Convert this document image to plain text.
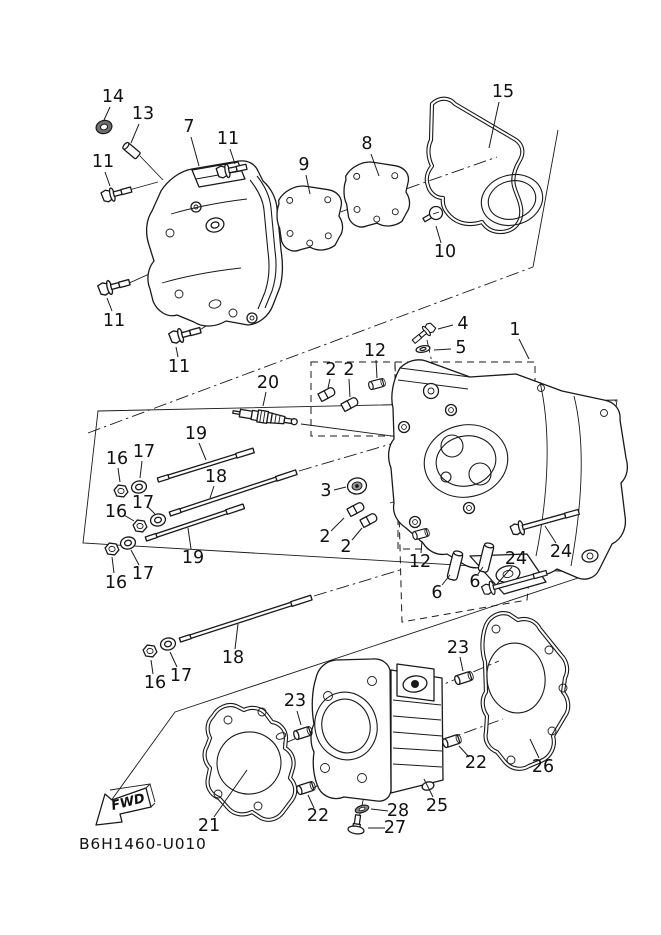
FWD
B6H1460-U010
14
13
7
11
15
9
8
10
11
11
11
4
5
1
12
2 2
20
19
17
16
18
3
17
16
2 2
19
17
16
12
6
6
24 24
18
17
16
23
23
22
22
21
25
26
28
27
